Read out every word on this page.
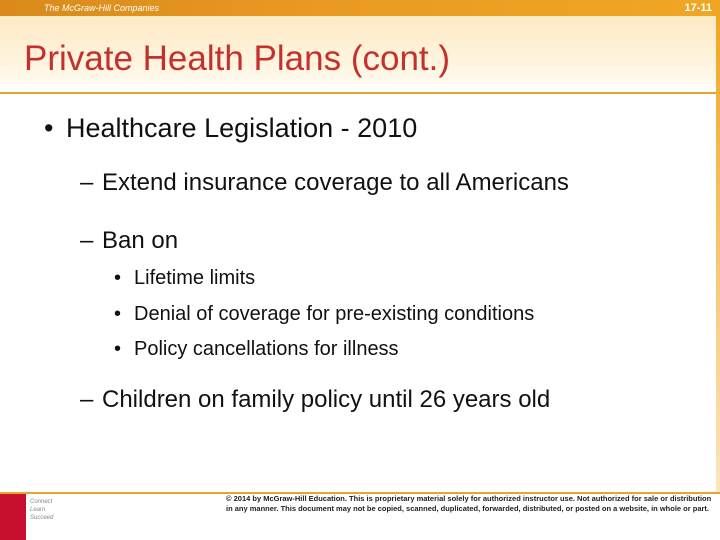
The McGraw-Hill Companies	17-11
Private Health Plans (cont.)
• Healthcare Legislation - 2010
– Extend insurance coverage to all Americans
– Ban on
• Lifetime limits
• Denial of coverage for pre-existing conditions
• Policy cancellations for illness
– Children on family policy until 26 years old
Connect Learn Succeed
© 2014 by McGraw-Hill Education. This is proprietary material solely for authorized instructor use. Not authorized for sale or distribution in any manner. This document may not be copied, scanned, duplicated, forwarded, distributed, or posted on a website, in whole or part.
